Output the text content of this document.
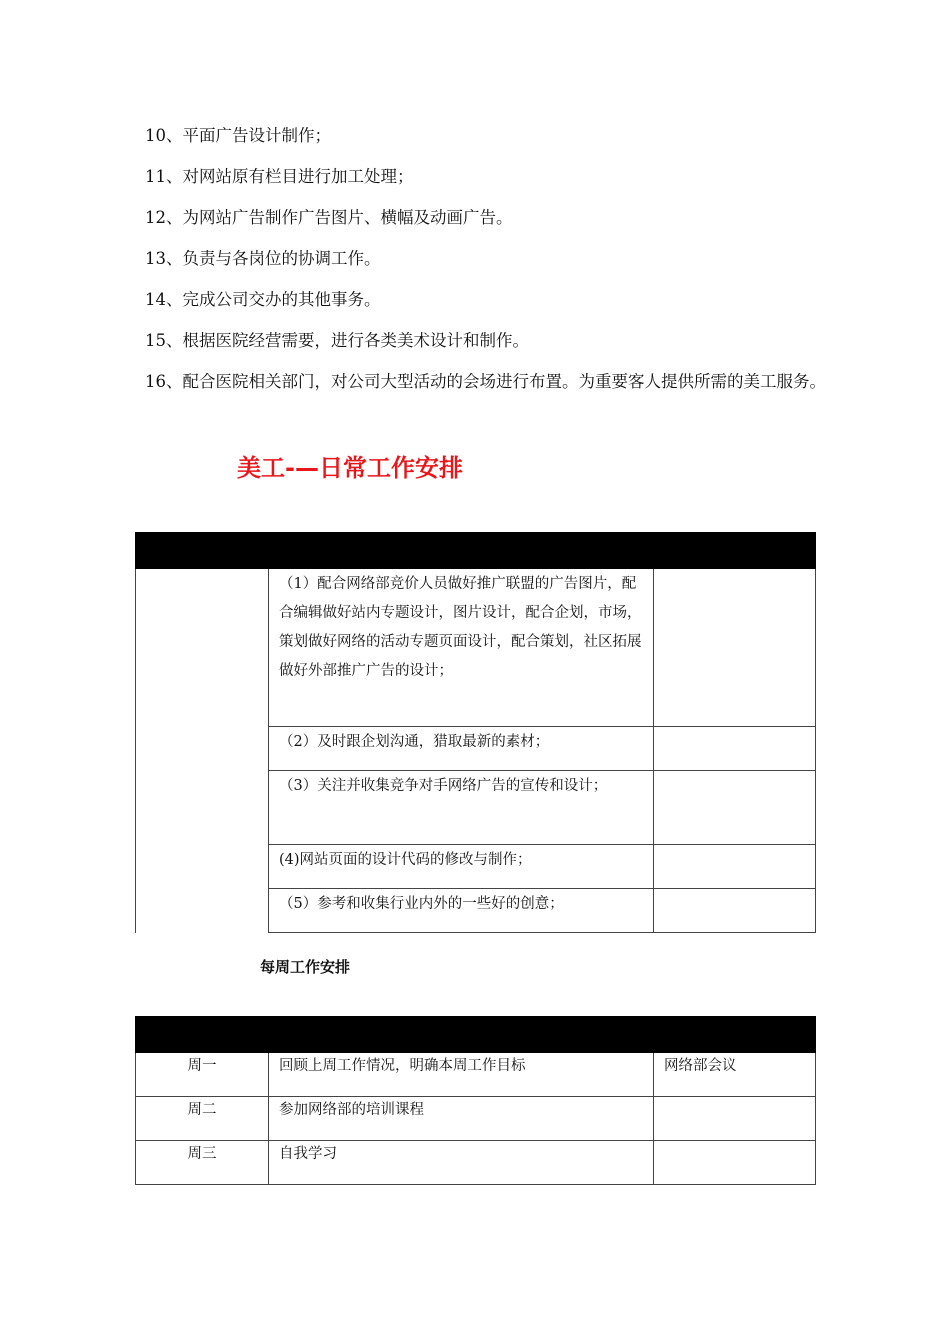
10、平面广告设计制作；
11、对网站原有栏目进行加工处理；
12、为网站广告制作广告图片、横幅及动画广告。
13、负责与各岗位的协调工作。
14、完成公司交办的其他事务。
15、根据医院经营需要，进行各类美术设计和制作。
16、配合医院相关部门，对公司大型活动的会场进行布置。为重要客人提供所需的美工服务。
美工-—日常工作安排

	（1）配合网络部竞价人员做好推广联盟的广告图片，配合编辑做好站内专题设计，图片设计，配合企划，市场，策划做好网络的活动专题页面设计，配合策划，社区拓展做好外部推广广告的设计；	

	（2）及时跟企划沟通，猎取最新的素材；	

	（3）关注并收集竞争对手网络广告的宣传和设计；	

	(4)网站页面的设计代码的修改与制作；	

	（5）参考和收集行业内外的一些好的创意；	

每周工作安排

周一	回顾上周工作情况，明确本周工作目标	网络部会议

周二	参加网络部的培训课程	

周三	自我学习	
